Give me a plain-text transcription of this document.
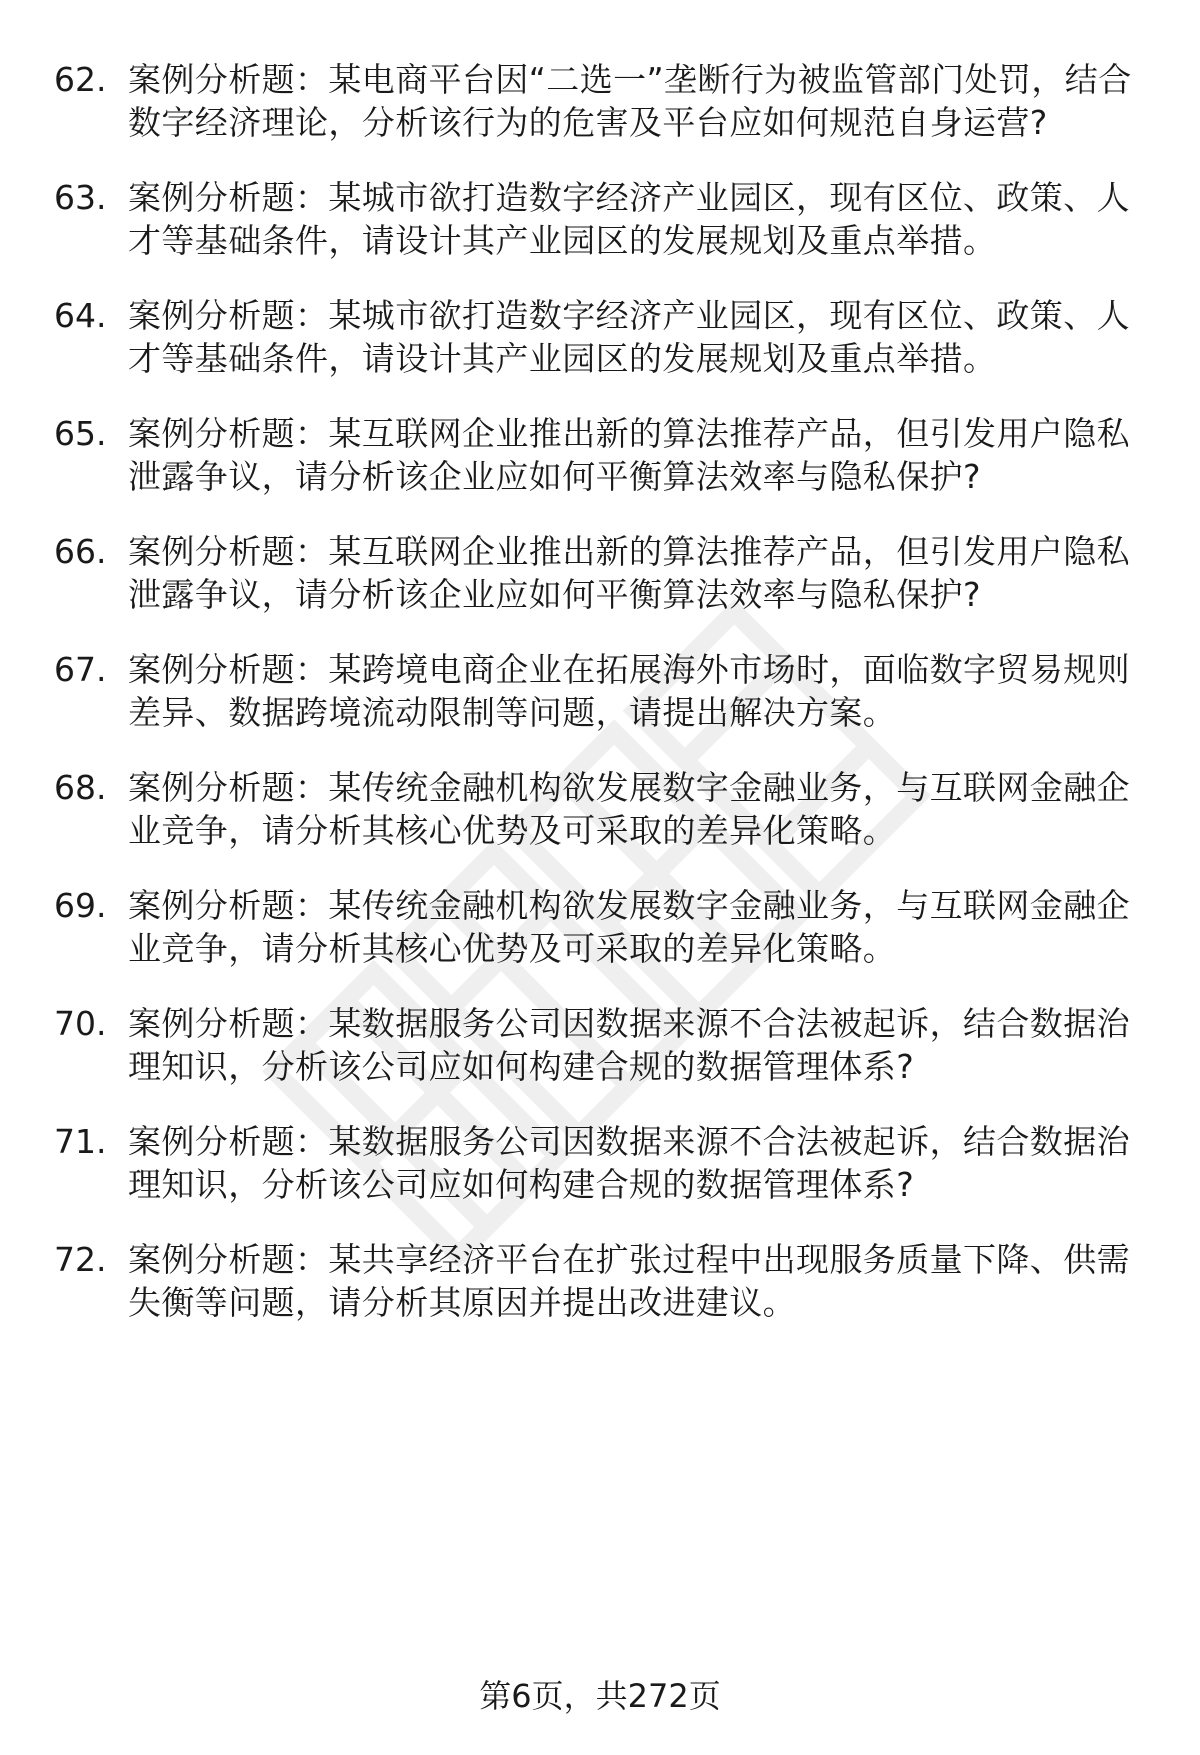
62. 案例分析题：某电商平台因“二选一”垄断行为被监管部门处罚，结合数字经济理论，分析该行为的危害及平台应如何规范自身运营?
63. 案例分析题：某城市欲打造数字经济产业园区，现有区位、政策、人才等基础条件，请设计其产业园区的发展规划及重点举措。
64. 案例分析题：某城市欲打造数字经济产业园区，现有区位、政策、人才等基础条件，请设计其产业园区的发展规划及重点举措。
65. 案例分析题：某互联网企业推出新的算法推荐产品，但引发用户隐私泄露争议，请分析该企业应如何平衡算法效率与隐私保护?
66. 案例分析题：某互联网企业推出新的算法推荐产品，但引发用户隐私泄露争议，请分析该企业应如何平衡算法效率与隐私保护?
67. 案例分析题：某跨境电商企业在拓展海外市场时，面临数字贸易规则差异、数据跨境流动限制等问题，请提出解决方案。
68. 案例分析题：某传统金融机构欲发展数字金融业务，与互联网金融企业竞争，请分析其核心优势及可采取的差异化策略。
69. 案例分析题：某传统金融机构欲发展数字金融业务，与互联网金融企业竞争，请分析其核心优势及可采取的差异化策略。
70. 案例分析题：某数据服务公司因数据来源不合法被起诉，结合数据治理知识，分析该公司应如何构建合规的数据管理体系?
71. 案例分析题：某数据服务公司因数据来源不合法被起诉，结合数据治理知识，分析该公司应如何构建合规的数据管理体系?
72. 案例分析题：某共享经济平台在扩张过程中出现服务质量下降、供需失衡等问题，请分析其原因并提出改进建议。
第6页，共272页
